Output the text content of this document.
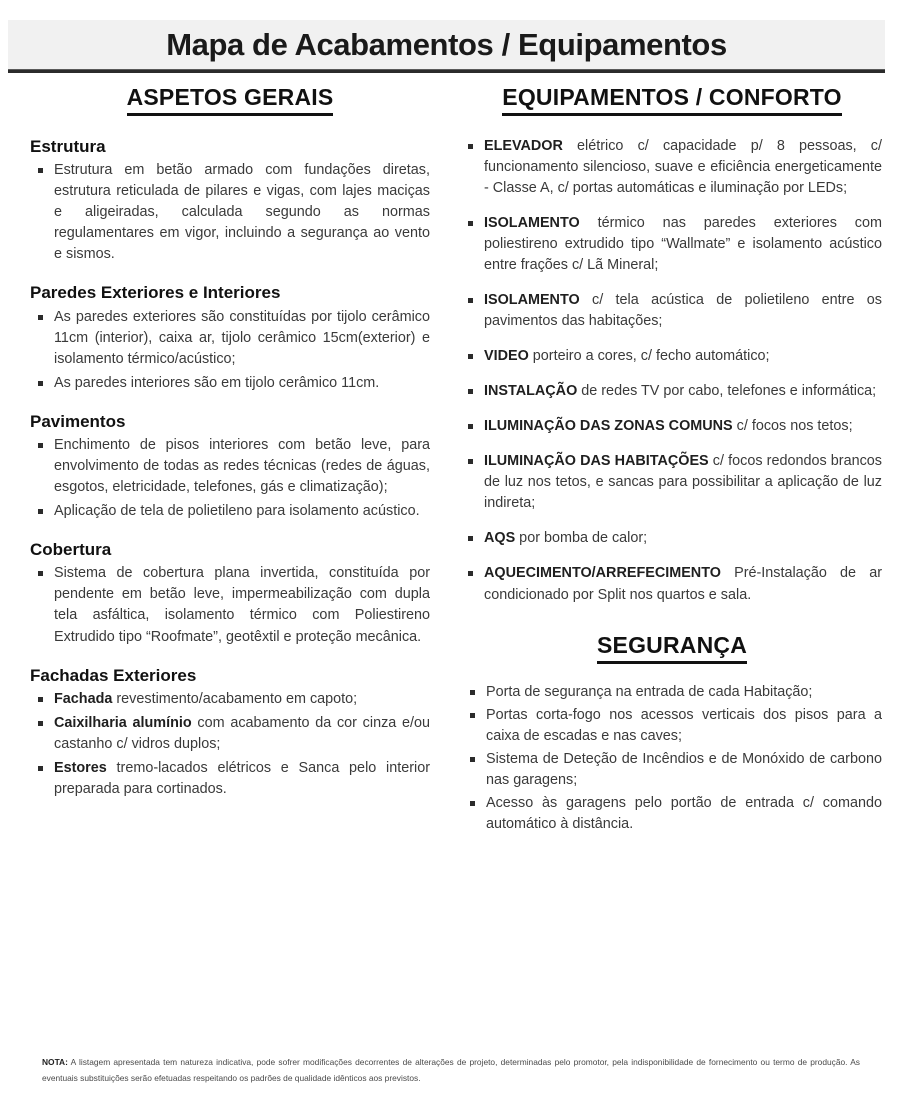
Mapa de Acabamentos / Equipamentos
ASPETOS GERAIS
Estrutura
Estrutura em betão armado com fundações diretas, estrutura reticulada de pilares e vigas, com lajes maciças e aligeiradas, calculada segundo as normas regulamentares em vigor, incluindo a segurança ao vento e sismos.
Paredes Exteriores e Interiores
As paredes exteriores são constituídas por tijolo cerâmico 11cm (interior), caixa ar, tijolo cerâmico 15cm(exterior) e isolamento térmico/acústico;
As paredes interiores são em tijolo cerâmico 11cm.
Pavimentos
Enchimento de pisos interiores com betão leve, para envolvimento de todas as redes técnicas (redes de águas, esgotos, eletricidade, telefones, gás e climatização);
Aplicação de tela de polietileno para isolamento acústico.
Cobertura
Sistema de cobertura plana invertida, constituída por pendente em betão leve, impermeabilização com dupla tela asfáltica, isolamento térmico com Poliestireno Extrudido tipo “Roofmate”, geotêxtil e proteção mecânica.
Fachadas Exteriores
Fachada revestimento/acabamento em capoto;
Caixilharia alumínio com acabamento da cor cinza e/ou castanho c/ vidros duplos;
Estores tremo-lacados elétricos e Sanca pelo interior preparada para cortinados.
EQUIPAMENTOS / CONFORTO
ELEVADOR elétrico c/ capacidade p/ 8 pessoas, c/ funcionamento silencioso, suave e eficiência energeticamente - Classe A, c/ portas automáticas e iluminação por LEDs;
ISOLAMENTO térmico nas paredes exteriores com poliestireno extrudido tipo “Wallmate” e isolamento acústico entre frações c/ Lã Mineral;
ISOLAMENTO c/ tela acústica de polietileno entre os pavimentos das habitações;
VIDEO porteiro a cores, c/ fecho automático;
INSTALAÇÃO de redes TV por cabo, telefones e informática;
ILUMINAÇÃO DAS ZONAS COMUNS c/ focos nos tetos;
ILUMINAÇÃO DAS HABITAÇÕES c/ focos redondos brancos de luz nos tetos, e sancas para possibilitar a aplicação de luz indireta;
AQS por bomba de calor;
AQUECIMENTO/ARREFECIMENTO Pré-Instalação de ar condicionado por Split nos quartos e sala.
SEGURANÇA
Porta de segurança na entrada de cada Habitação;
Portas corta-fogo nos acessos verticais dos pisos para a caixa de escadas e nas caves;
Sistema de Deteção de Incêndios e de Monóxido de carbono nas garagens;
Acesso às garagens pelo portão de entrada c/ comando automático à distância.
NOTA: A listagem apresentada tem natureza indicativa, pode sofrer modificações decorrentes de alterações de projeto, determinadas pelo promotor, pela indisponibilidade de fornecimento ou termo de produção. As eventuais substituições serão efetuadas respeitando os padrões de qualidade idênticos aos previstos.
